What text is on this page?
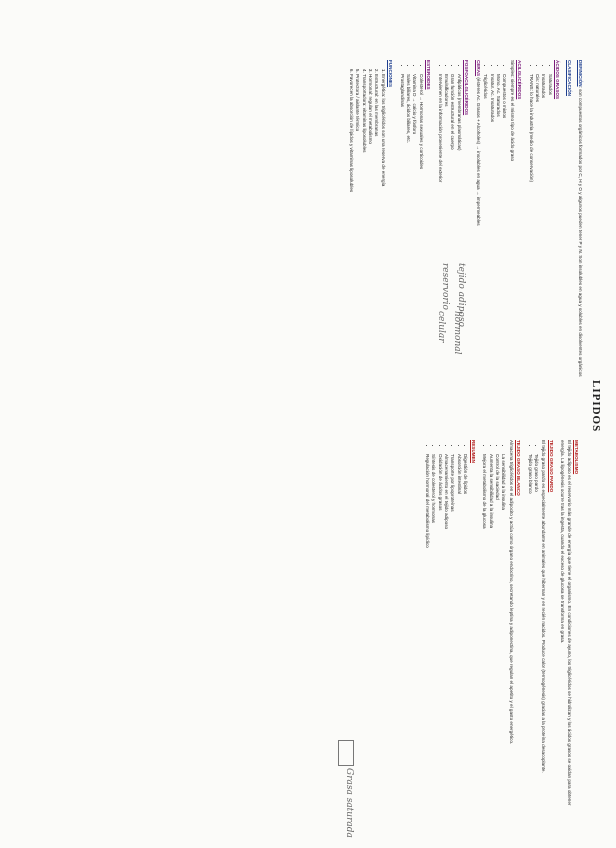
LIPIDOS
DEFINICIÓN: son compuestos orgánicos formados por C, H y O y algunos pueden tener P y N. Son insolubles en agua y solubles en disolventes orgánicos
CLASIFICACIÓN
ÁCIDOS GRASOS
• Saturados
• Insaturados
• Cis: naturales
• TRANS: lo hace la industria (medio de conservación)
ACILGLICÉRIDOS
Simples: siempre es el mismo tipo de ácido graso
• Compuestos o mixtos
• Mono. Ac. Saturados
• Insatur. Ac. Insaturados
• Triglicéridos
CERAS (ésteres Ac. Grasos + Alcoholes) → insolubles en agua → impermeables
FOSFOACILGLICÉRIDOS
• Anfipáticos (membranas plasmáticas)
• Gran función estructural en el cuerpo
• Emulsificadores
• Intervienen en la información proveniente del exterior
ESTEROIDES
• Colesterol → Hormonas sexuales y corticoides
• Vitamina D → calcio y fósforo
• Sales biliares, ácidos biliares, etc.
• Prostaglandinas
FUNCIONES
1. Energética: los triglicéridos son una reserva de energía
2. Estructural: en las membranas
3. Hormonal: regulan el metabolismo
4. Transportadora: vitaminas liposolubles
5. Protectora / aislante térmico
6. Favorecen la absorción de lípidos y vitaminas liposolubles
tejido adiposo
hormonal
reservorio
celular
METABOLISMO
El tejido adiposo es el reservorio más grande de energía que tiene el organismo. En condiciones de ayuno, los triglicéridos se hidrolizan y los ácidos grasos se oxidan para obtener energía. La lipogénesis ocurre tras la ingesta, cuando el exceso de glucosa se transforma en grasa.
TEJIDO GRASO PARDO
El tejido graso pardo es especialmente abundante en animales que hibernan y en recién nacidos. Produce calor (termogénesis) gracias a la proteína desacoplante.
• Tejido graso pardo
• Tejido graso blanco
TEJIDO GRASO BLANCO
Almacena triglicéridos en el adipocito y actúa como órgano endocrino, secretando leptina y adiponectina, que regulan el apetito y el gasto energético.
• La sensibilidad a la insulina
• Control de la saciedad
• Aumenta la sensibilidad a la insulina
• Mejora el metabolismo de la glucosa
RESUMEN
• Digestión de lípidos
• Absorción intestinal
• Transporte por lipoproteínas
• Almacenamiento en el tejido adiposo
• Oxidación de ácidos grasos
• Síntesis de colesterol y hormonas
• Regulación hormonal del metabolismo lipídico
Grasa saturada
